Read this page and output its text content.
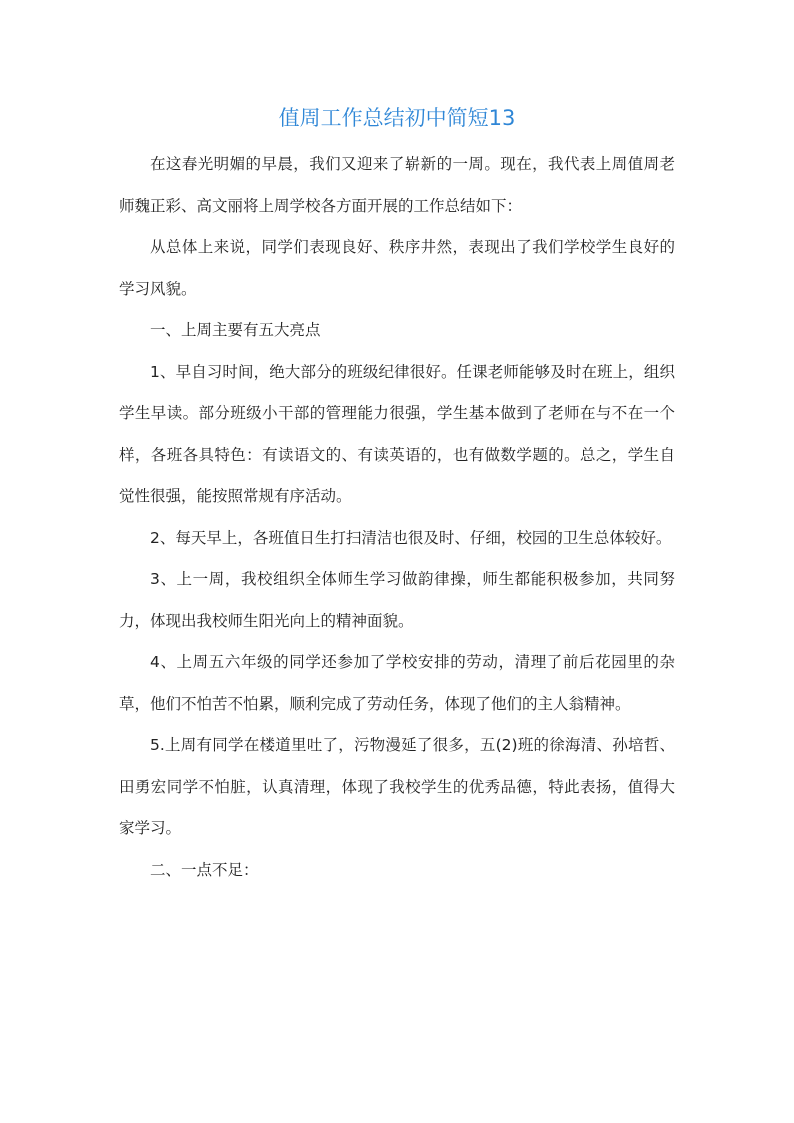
值周工作总结初中简短13

在这春光明媚的早晨，我们又迎来了崭新的一周。现在，我代表上周值周老师魏正彩、高文丽将上周学校各方面开展的工作总结如下：

从总体上来说，同学们表现良好、秩序井然，表现出了我们学校学生良好的学习风貌。

一、上周主要有五大亮点

1、早自习时间，绝大部分的班级纪律很好。任课老师能够及时在班上，组织学生早读。部分班级小干部的管理能力很强，学生基本做到了老师在与不在一个样，各班各具特色：有读语文的、有读英语的，也有做数学题的。总之，学生自觉性很强，能按照常规有序活动。

2、每天早上，各班值日生打扫清洁也很及时、仔细，校园的卫生总体较好。

3、上一周，我校组织全体师生学习做韵律操，师生都能积极参加，共同努力，体现出我校师生阳光向上的精神面貌。

4、上周五六年级的同学还参加了学校安排的劳动，清理了前后花园里的杂草，他们不怕苦不怕累，顺利完成了劳动任务，体现了他们的主人翁精神。

5.上周有同学在楼道里吐了，污物漫延了很多，五(2)班的徐海清、孙培哲、田勇宏同学不怕脏，认真清理，体现了我校学生的优秀品德，特此表扬，值得大家学习。

二、一点不足：
